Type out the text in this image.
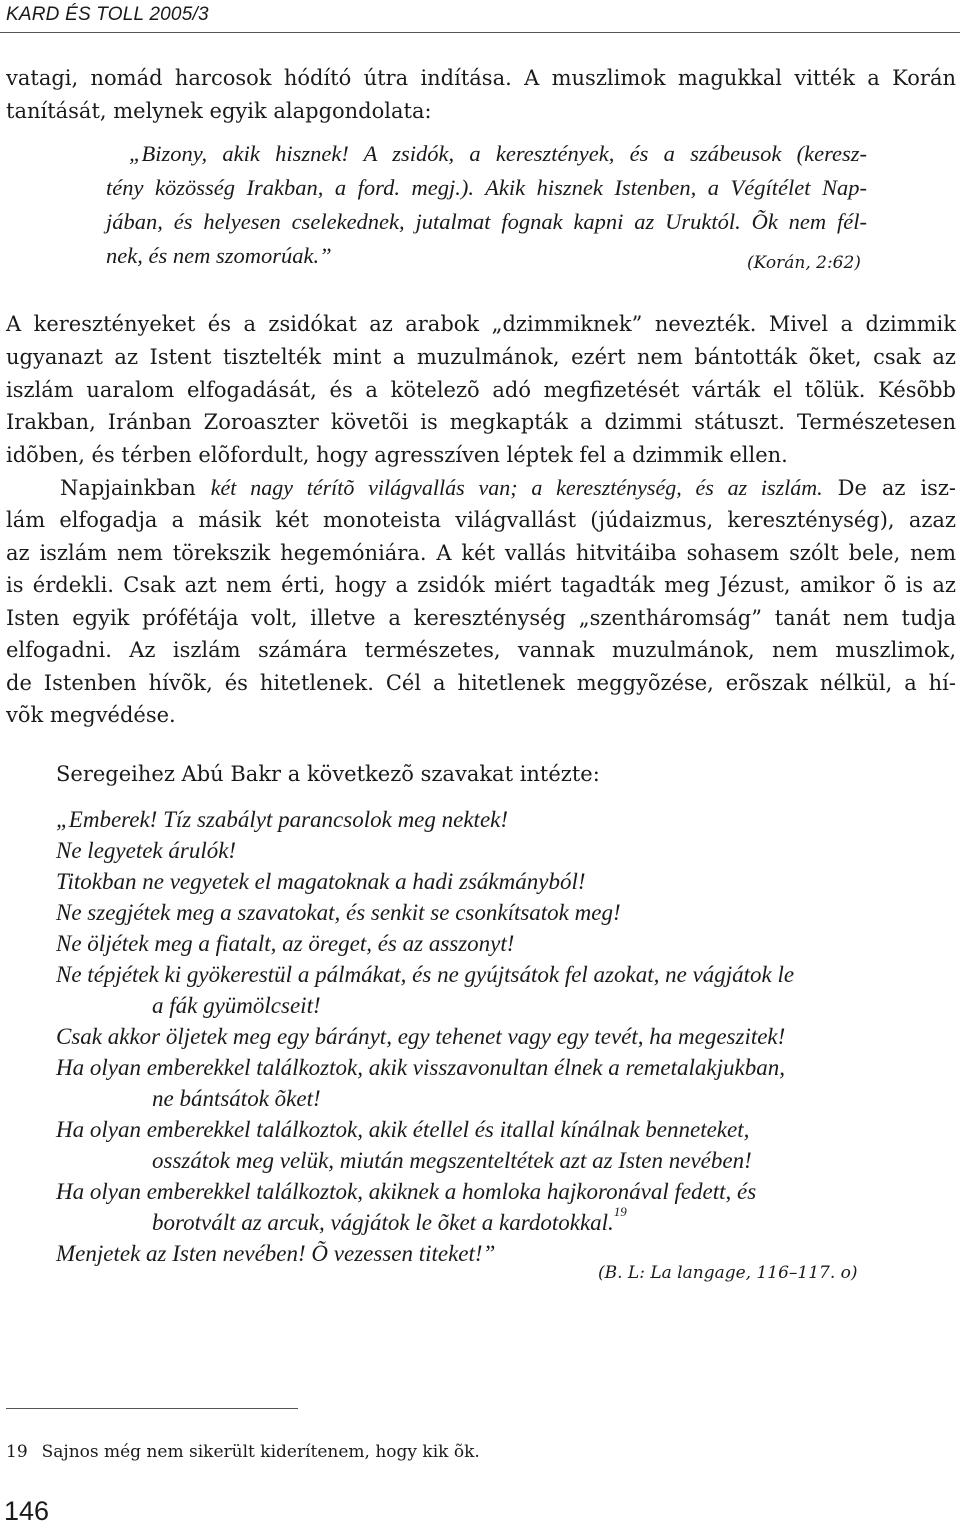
KARD ÉS TOLL 2005/3
vatagi, nomád harcosok hódító útra indítása. A muszlimok magukkal vitték a Korán
tanítását, melynek egyik alapgondolata:
„Bizony, akik hisznek! A zsidók, a keresztények, és a szábeusok (keresz-
tény közösség Irakban, a ford. megj.). Akik hisznek Istenben, a Végítélet Nap-
jában, és helyesen cselekednek, jutalmat fognak kapni az Uruktól. Õk nem fél-
nek, és nem szomorúak.”	(Korán, 2:62)
A keresztényeket és a zsidókat az arabok „dzimmiknek” nevezték. Mivel a dzimmik
ugyanazt az Istent tisztelték mint a muzulmánok, ezért nem bántották õket, csak az
iszlám uaralom elfogadását, és a kötelezõ adó megfizetését várták el tõlük. Késõbb
Irakban, Iránban Zoroaszter követõi is megkapták a dzimmi státuszt. Természetesen
idõben, és térben elõfordult, hogy agresszíven léptek fel a dzimmik ellen.
Napjainkban két nagy térítõ világvallás van; a kereszténység, és az iszlám. De az isz-
lám elfogadja a másik két monoteista világvallást (júdaizmus, kereszténység), azaz
az iszlám nem törekszik hegemóniára. A két vallás hitvitáiba sohasem szólt bele, nem
is érdekli. Csak azt nem érti, hogy a zsidók miért tagadták meg Jézust, amikor õ is az
Isten egyik prófétája volt, illetve a kereszténység „szentháromság” tanát nem tudja
elfogadni. Az iszlám számára természetes, vannak muzulmánok, nem muszlimok,
de Istenben hívõk, és hitetlenek. Cél a hitetlenek meggyõzése, erõszak nélkül, a hí-
võk megvédése.
Seregeihez Abú Bakr a következõ szavakat intézte:
„Emberek! Tíz szabályt parancsolok meg nektek!
Ne legyetek árulók!
Titokban ne vegyetek el magatoknak a hadi zsákmányból!
Ne szegjétek meg a szavatokat, és senkit se csonkítsatok meg!
Ne öljétek meg a fiatalt, az öreget, és az asszonyt!
Ne tépjétek ki gyökerestül a pálmákat, és ne gyújtsátok fel azokat, ne vágjátok le
a fák gyümölcseit!
Csak akkor öljetek meg egy bárányt, egy tehenet vagy egy tevét, ha megeszitek!
Ha olyan emberekkel találkoztok, akik visszavonultan élnek a remetalakjukban,
ne bántsátok õket!
Ha olyan emberekkel találkoztok, akik étellel és itallal kínálnak benneteket,
osszátok meg velük, miután megszenteltétek azt az Isten nevében!
Ha olyan emberekkel találkoztok, akiknek a homloka hajkoronával fedett, és
borotvált az arcuk, vágjátok le õket a kardotokkal.$^{19}$
Menjetek az Isten nevében! Õ vezessen titeket!”
(B. L: La langage, 116–117. o)
19 Sajnos még nem sikerült kiderítenem, hogy kik õk.
146
